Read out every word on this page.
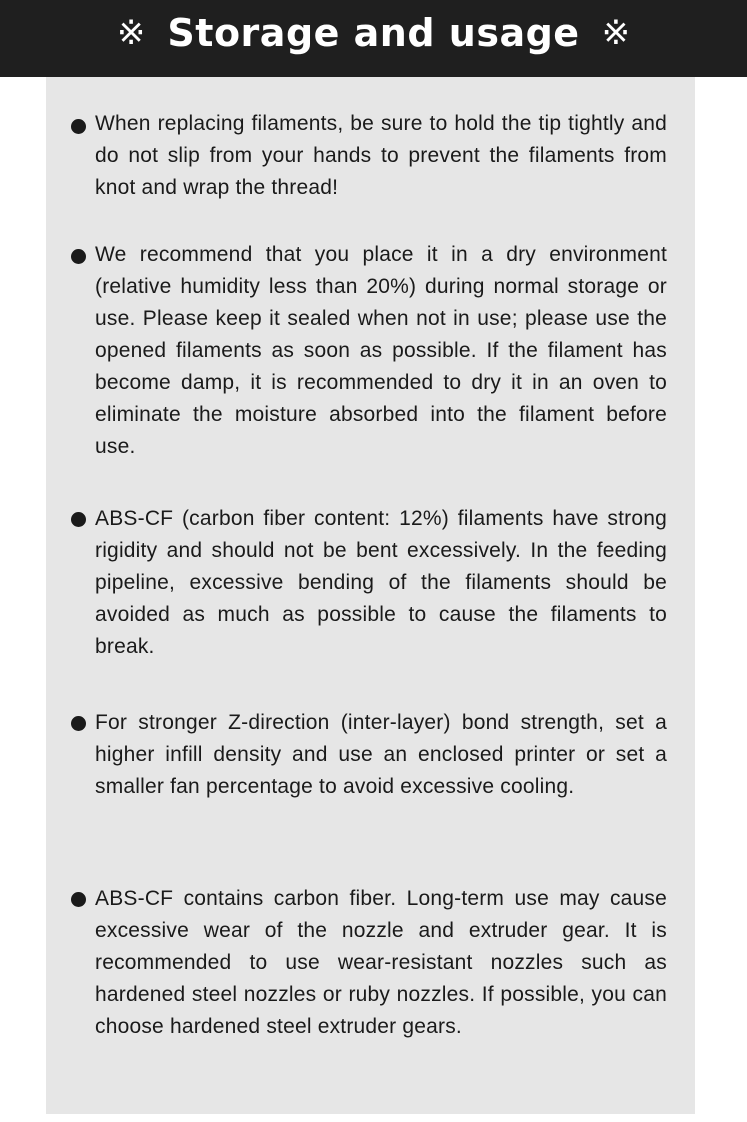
※ Storage and usage ※
When replacing filaments, be sure to hold the tip tightly and do not slip from your hands to prevent the filaments from knot and wrap the thread!
We recommend that you place it in a dry environment (relative humidity less than 20%) during normal storage or use. Please keep it sealed when not in use; please use the opened filaments as soon as possible. If the filament has become damp, it is recommended to dry it in an oven to eliminate the moisture absorbed into the filament before use.
ABS-CF (carbon fiber content: 12%) filaments have strong rigidity and should not be bent excessively. In the feeding pipeline, excessive bending of the filaments should be avoided as much as possible to cause the filaments to break.
For stronger Z-direction (inter-layer) bond strength, set a higher infill density and use an enclosed printer or set a smaller fan percentage to avoid excessive cooling.
ABS-CF contains carbon fiber. Long-term use may cause excessive wear of the nozzle and extruder gear. It is recommended to use wear-resistant nozzles such as hardened steel nozzles or ruby nozzles. If possible, you can choose hardened steel extruder gears.
